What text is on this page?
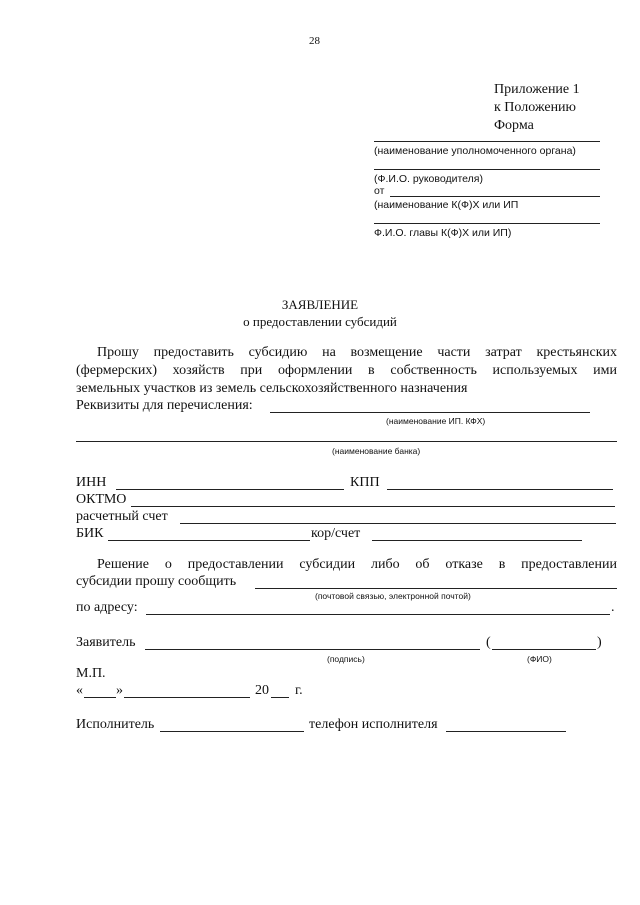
28
Приложение 1
к Положению
Форма
(наименование уполномоченного органа)
(Ф.И.О. руководителя)
от
(наименование К(Ф)Х или ИП
Ф.И.О. главы К(Ф)Х или ИП)
ЗАЯВЛЕНИЕ
о предоставлении субсидий
Прошу предоставить субсидию на возмещение части затрат крестьянских
(фермерских) хозяйств при оформлении в собственность используемых ими
земельных участков из земель сельскохозяйственного назначения
Реквизиты для перечисления:
(наименование ИП. КФХ)
(наименование банка)
ИНН	КПП
ОКТМО
расчетный счет
БИК	кор/счет
Решение о предоставлении субсидии либо об отказе в предоставлении
субсидии прошу сообщить
(почтовой связью, электронной почтой)
по адресу:	.
Заявитель	(	)
(подпись)	(ФИО)
М.П.
« »	20 г.
Исполнитель	телефон исполнителя
